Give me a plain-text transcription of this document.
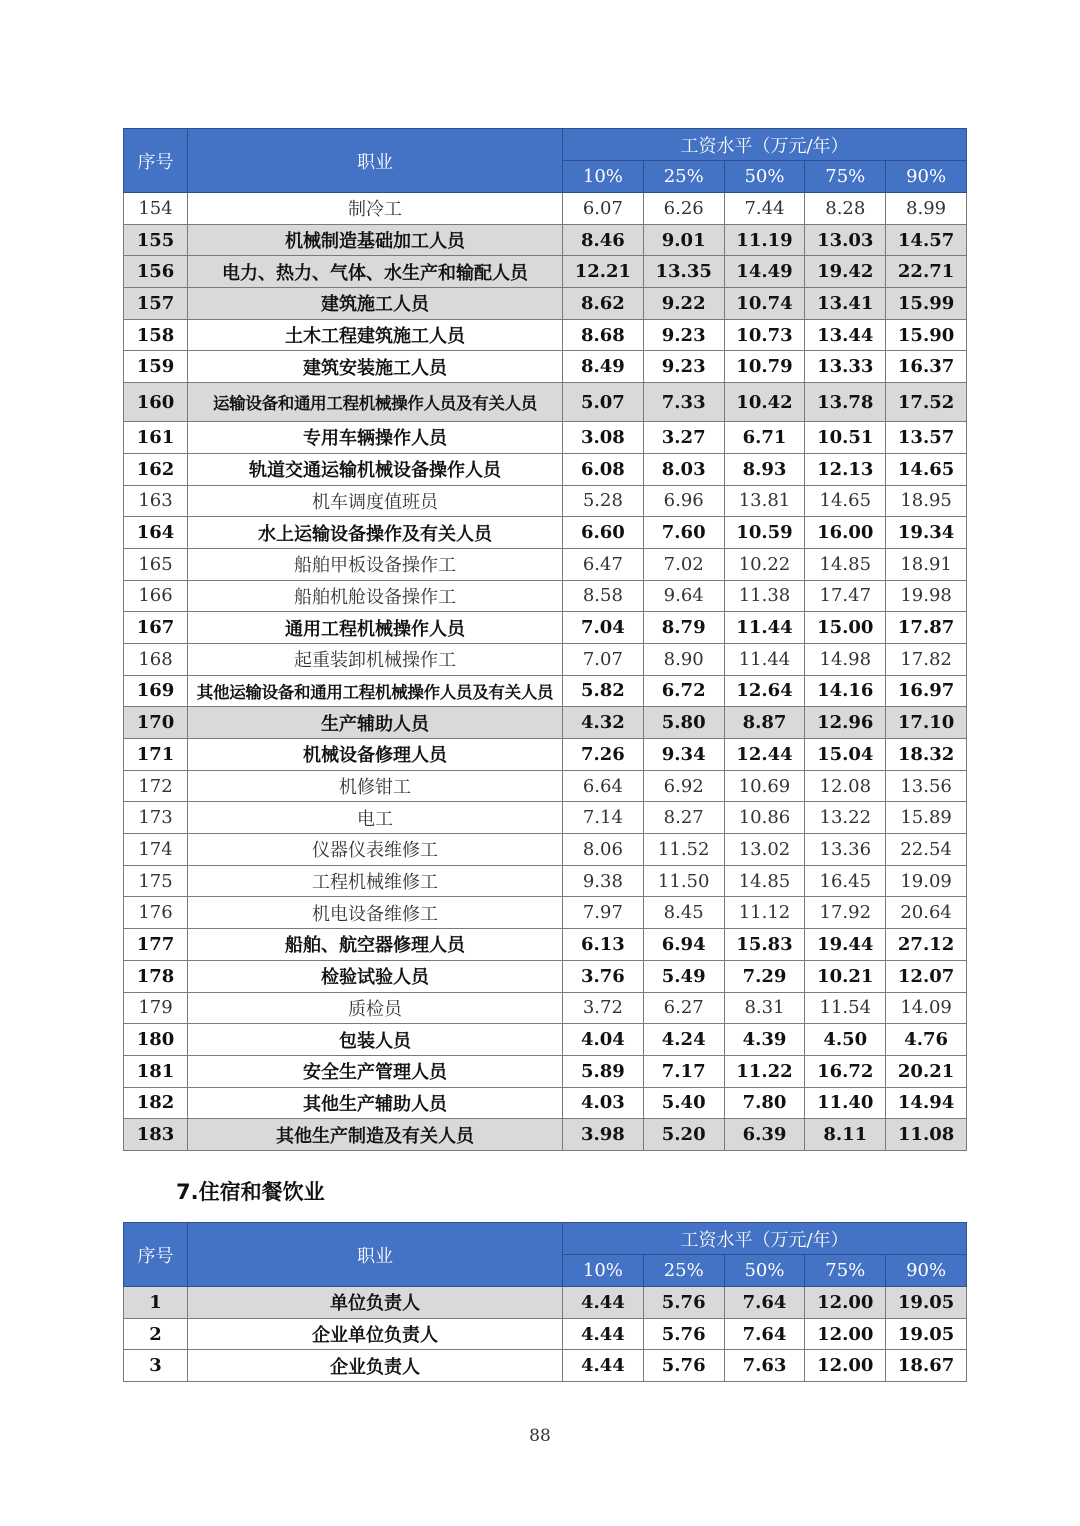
序号	职业	工资水平（万元/年）				
		10%	25%	50%	75%	90%
154	制冷工	6.07	6.26	7.44	8.28	8.99
155	机械制造基础加工人员	8.46	9.01	11.19	13.03	14.57
156	电力、热力、气体、水生产和输配人员	12.21	13.35	14.49	19.42	22.71
157	建筑施工人员	8.62	9.22	10.74	13.41	15.99
158	土木工程建筑施工人员	8.68	9.23	10.73	13.44	15.90
159	建筑安装施工人员	8.49	9.23	10.79	13.33	16.37
160	运输设备和通用工程机械操作人员及有关人员	5.07	7.33	10.42	13.78	17.52
161	专用车辆操作人员	3.08	3.27	6.71	10.51	13.57
162	轨道交通运输机械设备操作人员	6.08	8.03	8.93	12.13	14.65
163	机车调度值班员	5.28	6.96	13.81	14.65	18.95
164	水上运输设备操作及有关人员	6.60	7.60	10.59	16.00	19.34
165	船舶甲板设备操作工	6.47	7.02	10.22	14.85	18.91
166	船舶机舱设备操作工	8.58	9.64	11.38	17.47	19.98
167	通用工程机械操作人员	7.04	8.79	11.44	15.00	17.87
168	起重装卸机械操作工	7.07	8.90	11.44	14.98	17.82
169	其他运输设备和通用工程机械操作人员及有关人员	5.82	6.72	12.64	14.16	16.97
170	生产辅助人员	4.32	5.80	8.87	12.96	17.10
171	机械设备修理人员	7.26	9.34	12.44	15.04	18.32
172	机修钳工	6.64	6.92	10.69	12.08	13.56
173	电工	7.14	8.27	10.86	13.22	15.89
174	仪器仪表维修工	8.06	11.52	13.02	13.36	22.54
175	工程机械维修工	9.38	11.50	14.85	16.45	19.09
176	机电设备维修工	7.97	8.45	11.12	17.92	20.64
177	船舶、航空器修理人员	6.13	6.94	15.83	19.44	27.12
178	检验试验人员	3.76	5.49	7.29	10.21	12.07
179	质检员	3.72	6.27	8.31	11.54	14.09
180	包装人员	4.04	4.24	4.39	4.50	4.76
181	安全生产管理人员	5.89	7.17	11.22	16.72	20.21
182	其他生产辅助人员	4.03	5.40	7.80	11.40	14.94
183	其他生产制造及有关人员	3.98	5.20	6.39	8.11	11.08
7.住宿和餐饮业
序号	职业	工资水平（万元/年）				
		10%	25%	50%	75%	90%
1	单位负责人	4.44	5.76	7.64	12.00	19.05
2	企业单位负责人	4.44	5.76	7.64	12.00	19.05
3	企业负责人	4.44	5.76	7.63	12.00	18.67
88
